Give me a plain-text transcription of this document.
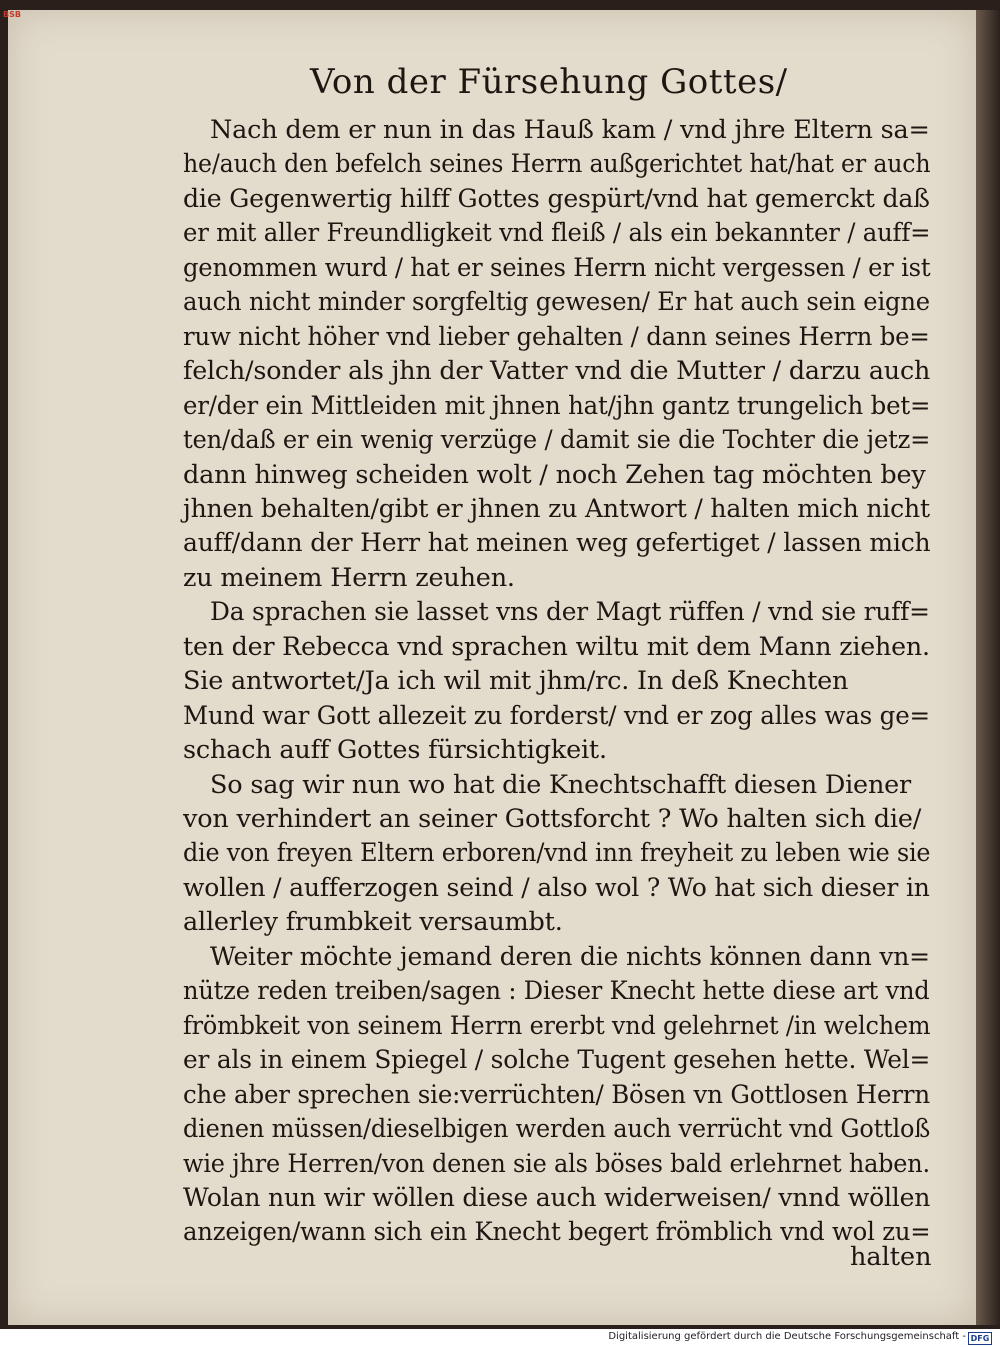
BSB
Von der Fürsehung Gottes/
Nach dem er nun in das Hauß kam / vnd jhre Eltern sa=
he/auch den befelch seines Herrn außgerichtet hat/hat er auch
die Gegenwertig hilff Gottes gespürt/vnd hat gemerckt daß
er mit aller Freundligkeit vnd fleiß / als ein bekannter / auff=
genommen wurd / hat er seines Herrn nicht vergessen / er ist
auch nicht minder sorgfeltig gewesen/ Er hat auch sein eigne
ruw nicht höher vnd lieber gehalten / dann seines Herrn be=
felch/sonder als jhn der Vatter vnd die Mutter / darzu auch
er/der ein Mittleiden mit jhnen hat/jhn gantz trungelich bet=
ten/daß er ein wenig verzüge / damit sie die Tochter die jetz=
dann hinweg scheiden wolt / noch Zehen tag möchten bey
jhnen behalten/gibt er jhnen zu Antwort / halten mich nicht
auff/dann der Herr hat meinen weg gefertiget / lassen mich
zu meinem Herrn zeuhen.
Da sprachen sie lasset vns der Magt rüffen / vnd sie ruff=
ten der Rebecca vnd sprachen wiltu mit dem Mann ziehen.
Sie antwortet/Ja ich wil mit jhm/rc. In deß Knechten
Mund war Gott allezeit zu forderst/ vnd er zog alles was ge=
schach auff Gottes fürsichtigkeit.
So sag wir nun wo hat die Knechtschafft diesen Diener
von verhindert an seiner Gottsforcht ? Wo halten sich die/
die von freyen Eltern erboren/vnd inn freyheit zu leben wie sie
wollen / aufferzogen seind / also wol ? Wo hat sich dieser in
allerley frumbkeit versaumbt.
Weiter möchte jemand deren die nichts können dann vn=
nütze reden treiben/sagen : Dieser Knecht hette diese art vnd
frömbkeit von seinem Herrn ererbt vnd gelehrnet /in welchem
er als in einem Spiegel / solche Tugent gesehen hette. Wel=
che aber sprechen sie:verrüchten/ Bösen vn Gottlosen Herrn
dienen müssen/dieselbigen werden auch verrücht vnd Gottloß
wie jhre Herren/von denen sie als böses bald erlehrnet haben.
Wolan nun wir wöllen diese auch widerweisen/ vnnd wöllen
anzeigen/wann sich ein Knecht begert frömblich vnd wol zu=
halten
Digitalisierung gefördert durch die Deutsche Forschungsgemeinschaft - DFG
